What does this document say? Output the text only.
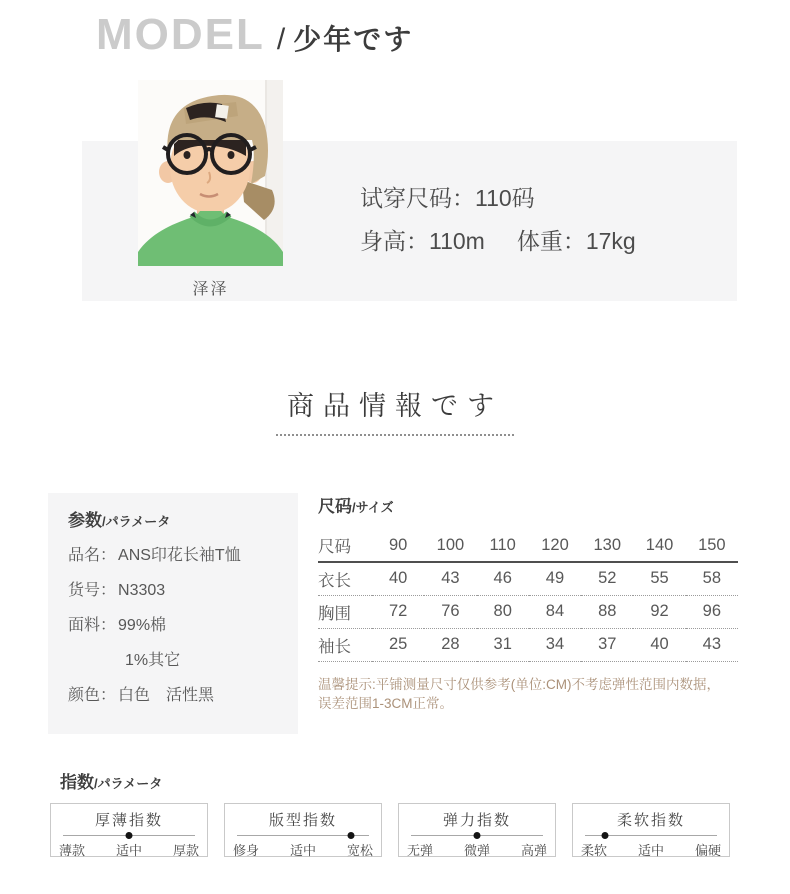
MODEL / 少年です
泽泽
试穿尺码：110码
身高：110m 体重：17kg
商品情報です
参数/パラメータ
品名： ANS印花长袖T恤
货号： N3303
面料： 99%棉
1%其它
颜色： 白色　活性黑
尺码/サイズ
尺码	90	100	110	120	130	140	150
衣长	40	43	46	49	52	55	58
胸围	72	76	80	84	88	92	96
袖长	25	28	31	34	37	40	43
温馨提示:平铺测量尺寸仅供参考(单位:CM)不考虑弹性范围内数据，
误差范围1-3CM正常。
指数/パラメータ
厚薄指数
薄款 适中 厚款
版型指数
修身 适中 宽松
弹力指数
无弹 微弹 高弹
柔软指数
柔软 适中 偏硬
